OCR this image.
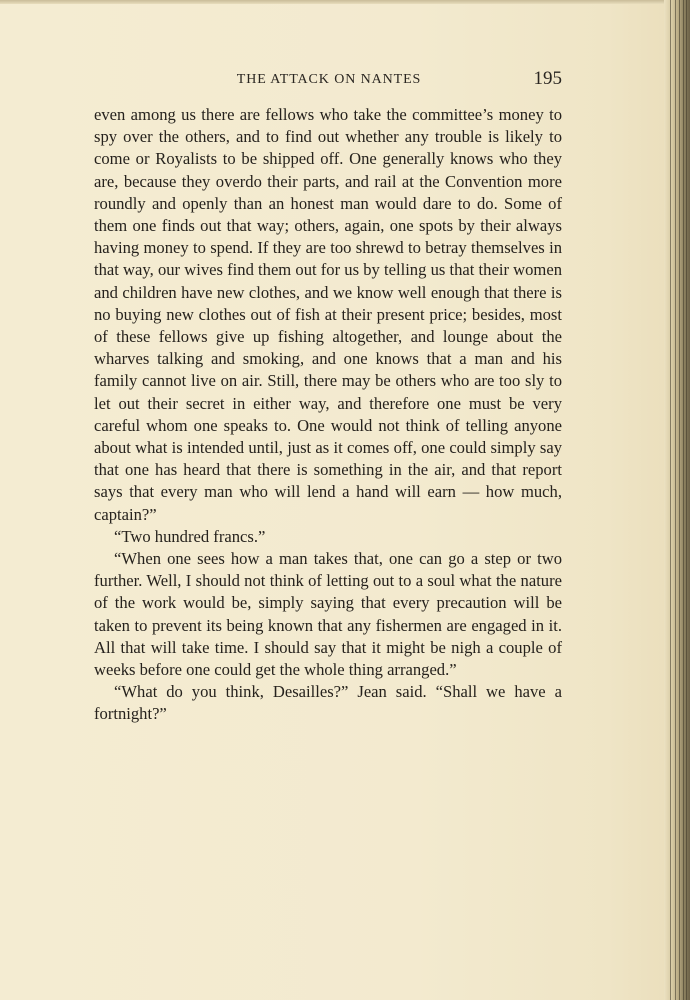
THE ATTACK ON NANTES	195

even among us there are fellows who take the committee’s money to spy over the others, and to find out whether any trouble is likely to come or Royalists to be shipped off. One generally knows who they are, because they overdo their parts, and rail at the Convention more roundly and openly than an honest man would dare to do. Some of them one finds out that way; others, again, one spots by their always having money to spend. If they are too shrewd to betray themselves in that way, our wives find them out for us by telling us that their women and children have new clothes, and we know well enough that there is no buying new clothes out of fish at their present price; besides, most of these fellows give up fishing altogether, and lounge about the wharves talking and smoking, and one knows that a man and his family cannot live on air. Still, there may be others who are too sly to let out their secret in either way, and therefore one must be very careful whom one speaks to. One would not think of telling anyone about what is intended until, just as it comes off, one could simply say that one has heard that there is something in the air, and that report says that every man who will lend a hand will earn — how much, captain?”

“Two hundred francs.”

“When one sees how a man takes that, one can go a step or two further. Well, I should not think of letting out to a soul what the nature of the work would be, simply saying that every precaution will be taken to prevent its being known that any fishermen are engaged in it. All that will take time. I should say that it might be nigh a couple of weeks before one could get the whole thing arranged.”

“What do you think, Desailles?” Jean said. “Shall we have a fortnight?”
